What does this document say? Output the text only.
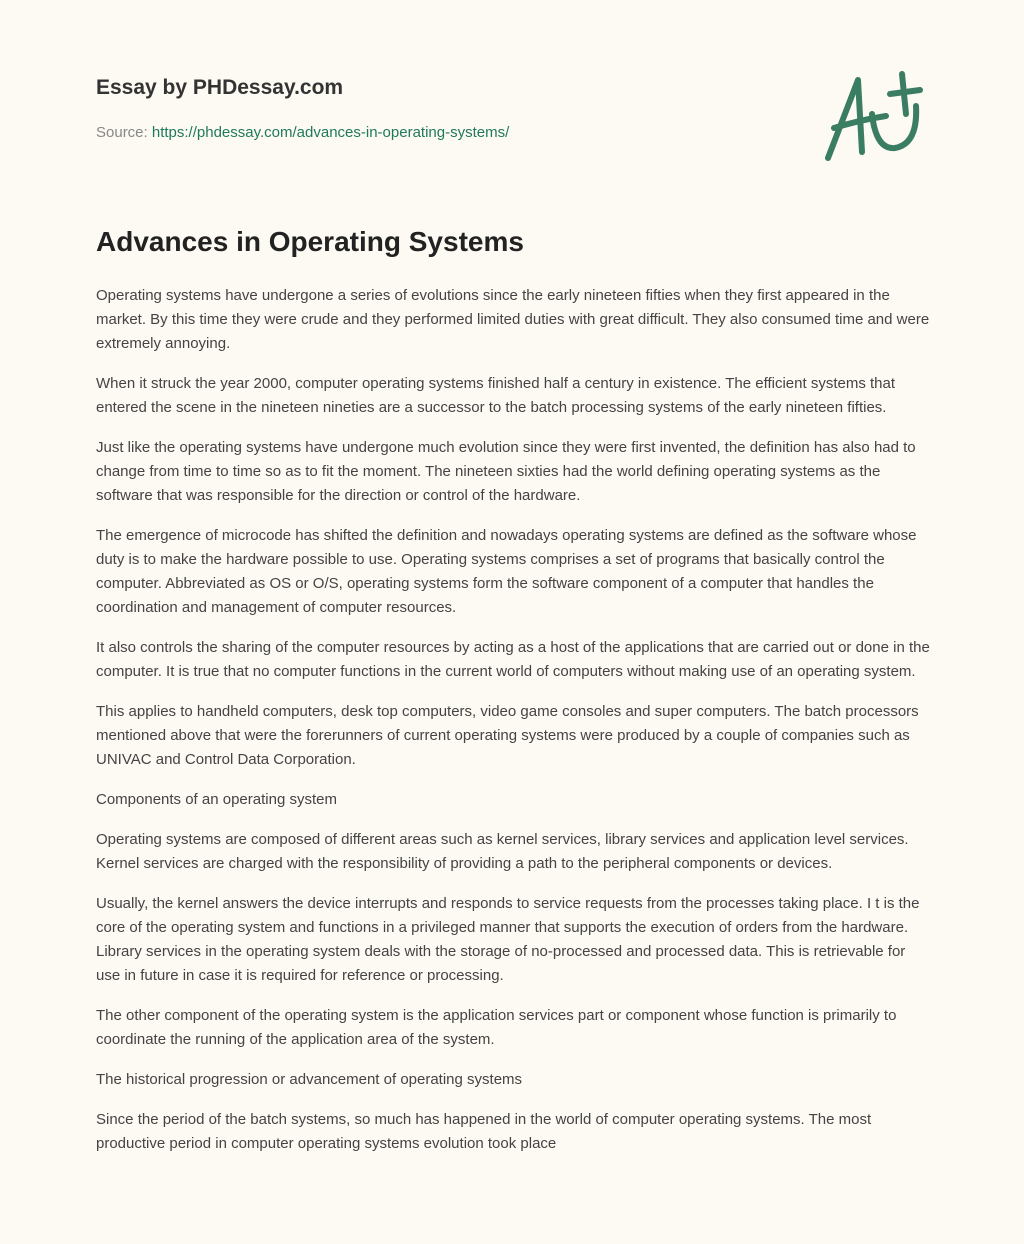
Essay by PHDessay.com
Source: https://phdessay.com/advances-in-operating-systems/
Advances in Operating Systems

Operating systems have undergone a series of evolutions since the early nineteen fifties when they first appeared in the market. By this time they were crude and they performed limited duties with great difficult. They also consumed time and were extremely annoying.

When it struck the year 2000, computer operating systems finished half a century in existence. The efficient systems that entered the scene in the nineteen nineties are a successor to the batch processing systems of the early nineteen fifties.

Just like the operating systems have undergone much evolution since they were first invented, the definition has also had to change from time to time so as to fit the moment. The nineteen sixties had the world defining operating systems as the software that was responsible for the direction or control of the hardware.

The emergence of microcode has shifted the definition and nowadays operating systems are defined as the software whose duty is to make the hardware possible to use. Operating systems comprises a set of programs that basically control the computer. Abbreviated as OS or O/S, operating systems form the software component of a computer that handles the coordination and management of computer resources.

It also controls the sharing of the computer resources by acting as a host of the applications that are carried out or done in the computer. It is true that no computer functions in the current world of computers without making use of an operating system.

This applies to handheld computers, desk top computers, video game consoles and super computers. The batch processors mentioned above that were the forerunners of current operating systems were produced by a couple of companies such as UNIVAC and Control Data Corporation.

Components of an operating system

Operating systems are composed of different areas such as kernel services, library services and application level services. Kernel services are charged with the responsibility of providing a path to the peripheral components or devices.

Usually, the kernel answers the device interrupts and responds to service requests from the processes taking place. I t is the core of the operating system and functions in a privileged manner that supports the execution of orders from the hardware. Library services in the operating system deals with the storage of no-processed and processed data. This is retrievable for use in future in case it is required for reference or processing.

The other component of the operating system is the application services part or component whose function is primarily to coordinate the running of the application area of the system.

The historical progression or advancement of operating systems

Since the period of the batch systems, so much has happened in the world of computer operating systems. The most productive period in computer operating systems evolution took place
